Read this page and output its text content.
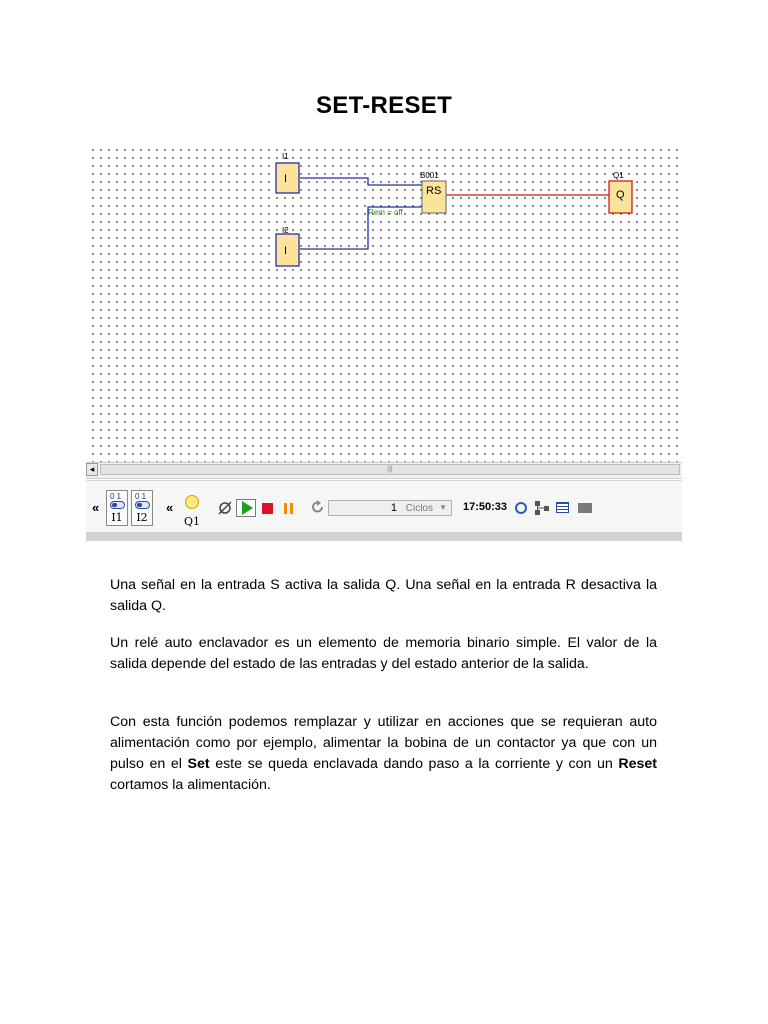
SET-RESET
I1
I
I2
I
B001
RS
Rem = off
Q1
Q
◂	|||
«
0 1
I1
0 1
I2
«
Q1
1 Ciclos ▼ 17:50:33
Una señal en la entrada S activa la salida Q. Una señal en la entrada R desactiva la salida Q.
Un relé auto enclavador es un elemento de memoria binario simple. El valor de la salida depende del estado de las entradas y del estado anterior de la salida.
Con esta función podemos remplazar y utilizar en acciones que se requieran auto alimentación como por ejemplo, alimentar la bobina de un contactor ya que con un pulso en el Set este se queda enclavada dando paso a la corriente y con un Reset cortamos la alimentación.
